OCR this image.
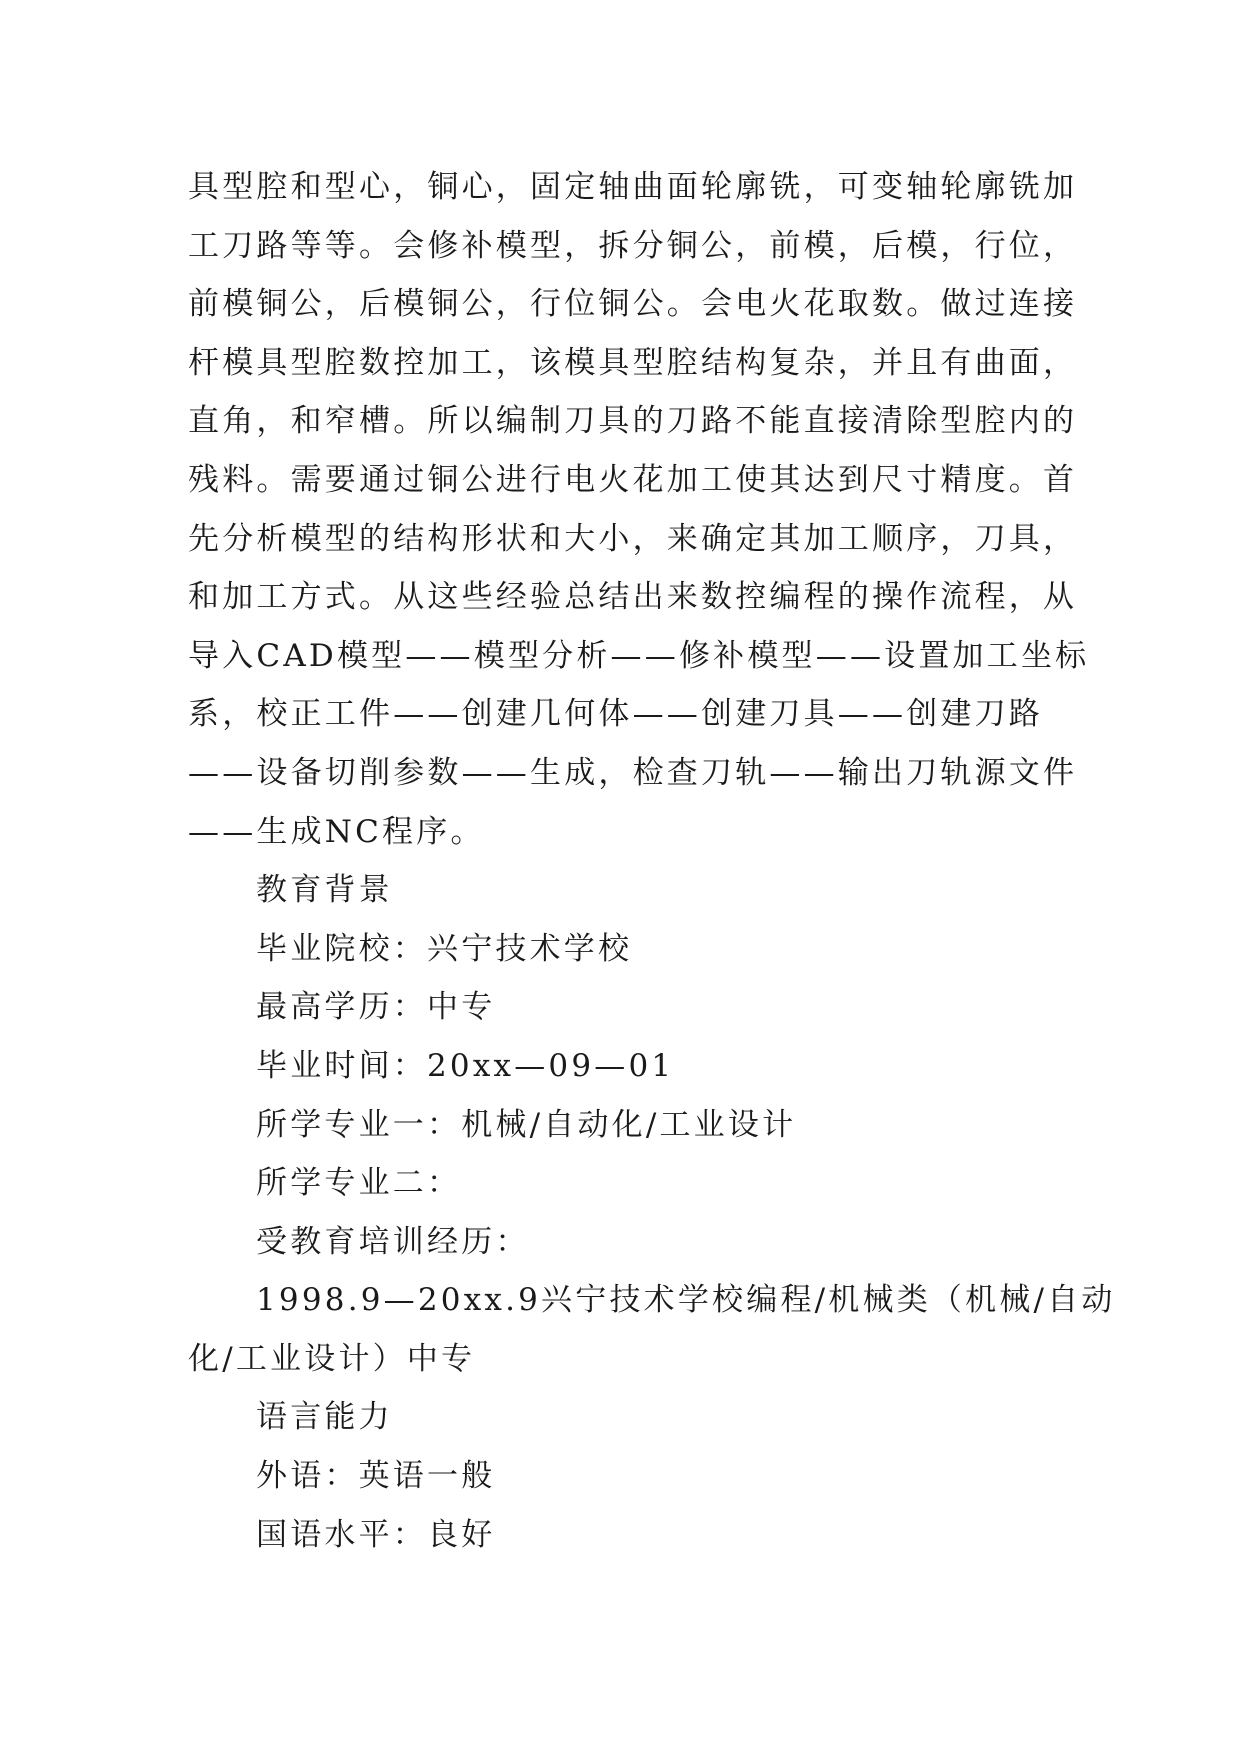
具型腔和型心，铜心，固定轴曲面轮廓铣，可变轴轮廓铣加
工刀路等等。会修补模型，拆分铜公，前模，后模，行位，
前模铜公，后模铜公，行位铜公。会电火花取数。做过连接
杆模具型腔数控加工，该模具型腔结构复杂，并且有曲面，
直角，和窄槽。所以编制刀具的刀路不能直接清除型腔内的
残料。需要通过铜公进行电火花加工使其达到尺寸精度。首
先分析模型的结构形状和大小，来确定其加工顺序，刀具，
和加工方式。从这些经验总结出来数控编程的操作流程，从
导入CAD模型——模型分析——修补模型——设置加工坐标
系，校正工件——创建几何体——创建刀具——创建刀路
——设备切削参数——生成，检查刀轨——输出刀轨源文件
——生成NC程序。
教育背景
毕业院校：兴宁技术学校
最高学历：中专
毕业时间：20xx—09—01
所学专业一：机械/自动化/工业设计
所学专业二：
受教育培训经历：
1998.9—20xx.9兴宁技术学校编程/机械类（机械/自动
化/工业设计）中专
语言能力
外语：英语一般
国语水平：良好
